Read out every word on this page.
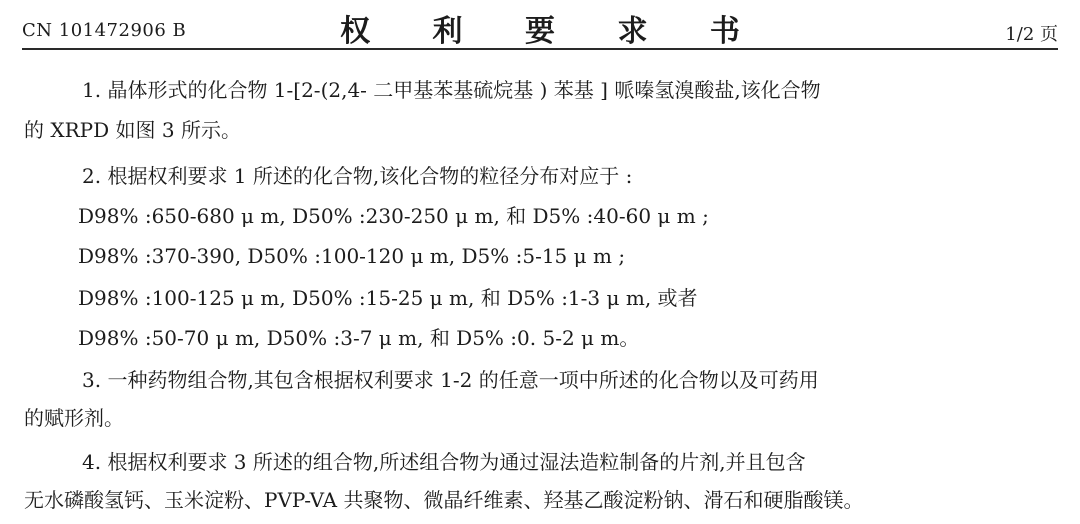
CN 101472906 B	权 利 要 求 书	1/2 页
1. 晶体形式的化合物 1-[2-(2,4- 二甲基苯基硫烷基 ) 苯基 ] 哌嗪氢溴酸盐,该化合物
的 XRPD 如图 3 所示。
2. 根据权利要求 1 所述的化合物,该化合物的粒径分布对应于 :
D98% :650-680 μ m, D50% :230-250 μ m, 和 D5% :40-60 μ m ;
D98% :370-390, D50% :100-120 μ m, D5% :5-15 μ m ;
D98% :100-125 μ m, D50% :15-25 μ m, 和 D5% :1-3 μ m, 或者
D98% :50-70 μ m, D50% :3-7 μ m, 和 D5% :0. 5-2 μ m。
3. 一种药物组合物,其包含根据权利要求 1-2 的任意一项中所述的化合物以及可药用
的赋形剂。
4. 根据权利要求 3 所述的组合物,所述组合物为通过湿法造粒制备的片剂,并且包含
无水磷酸氢钙、玉米淀粉、PVP-VA 共聚物、微晶纤维素、羟基乙酸淀粉钠、滑石和硬脂酸镁。
